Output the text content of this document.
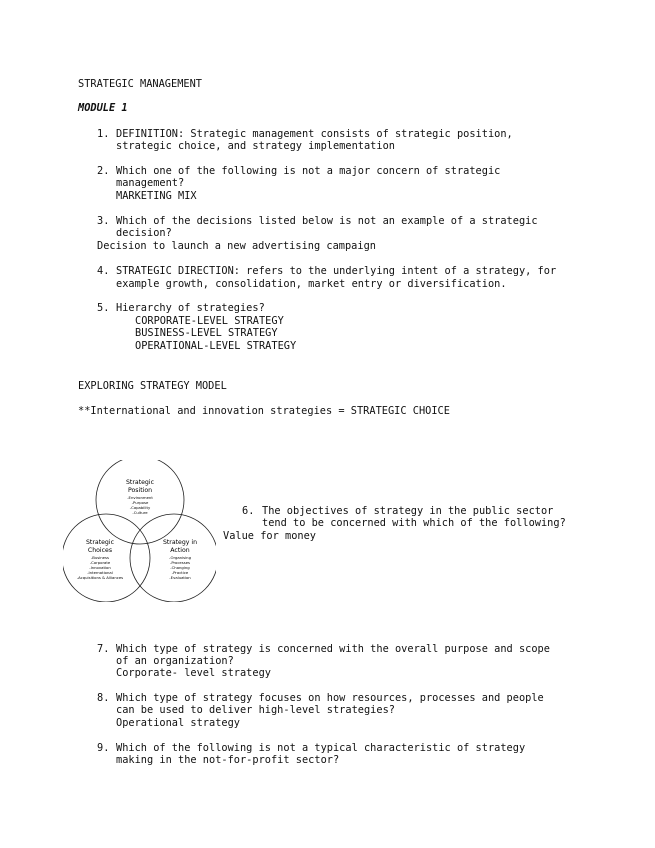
STRATEGIC MANAGEMENT
MODULE 1
1. DEFINITION: Strategic management consists of strategic position,
strategic choice, and strategy implementation
2. Which one of the following is not a major concern of strategic
management?
MARKETING MIX
3. Which of the decisions listed below is not an example of a strategic
decision?
Decision to launch a new advertising campaign
4. STRATEGIC DIRECTION: refers to the underlying intent of a strategy, for
example growth, consolidation, market entry or diversification.
5. Hierarchy of strategies?
CORPORATE-LEVEL STRATEGY
BUSINESS-LEVEL STRATEGY
OPERATIONAL-LEVEL STRATEGY
EXPLORING STRATEGY MODEL
**International and innovation strategies = STRATEGIC CHOICE
Strategic
Position
-Environment
-Purpose
-Capability
-Culture
Strategic
Choices
-Business
-Corporate
-Innovation
-International
-Acquisitions & Alliances
Strategy in
Action
-Organising
-Processes
-Changing
-Practice
-Evaluation
6. The objectives of strategy in the public sector
tend to be concerned with which of the following?
Value for money
7. Which type of strategy is concerned with the overall purpose and scope
of an organization?
Corporate- level strategy
8. Which type of strategy focuses on how resources, processes and people
can be used to deliver high-level strategies?
Operational strategy
9. Which of the following is not a typical characteristic of strategy
making in the not-for-profit sector?
